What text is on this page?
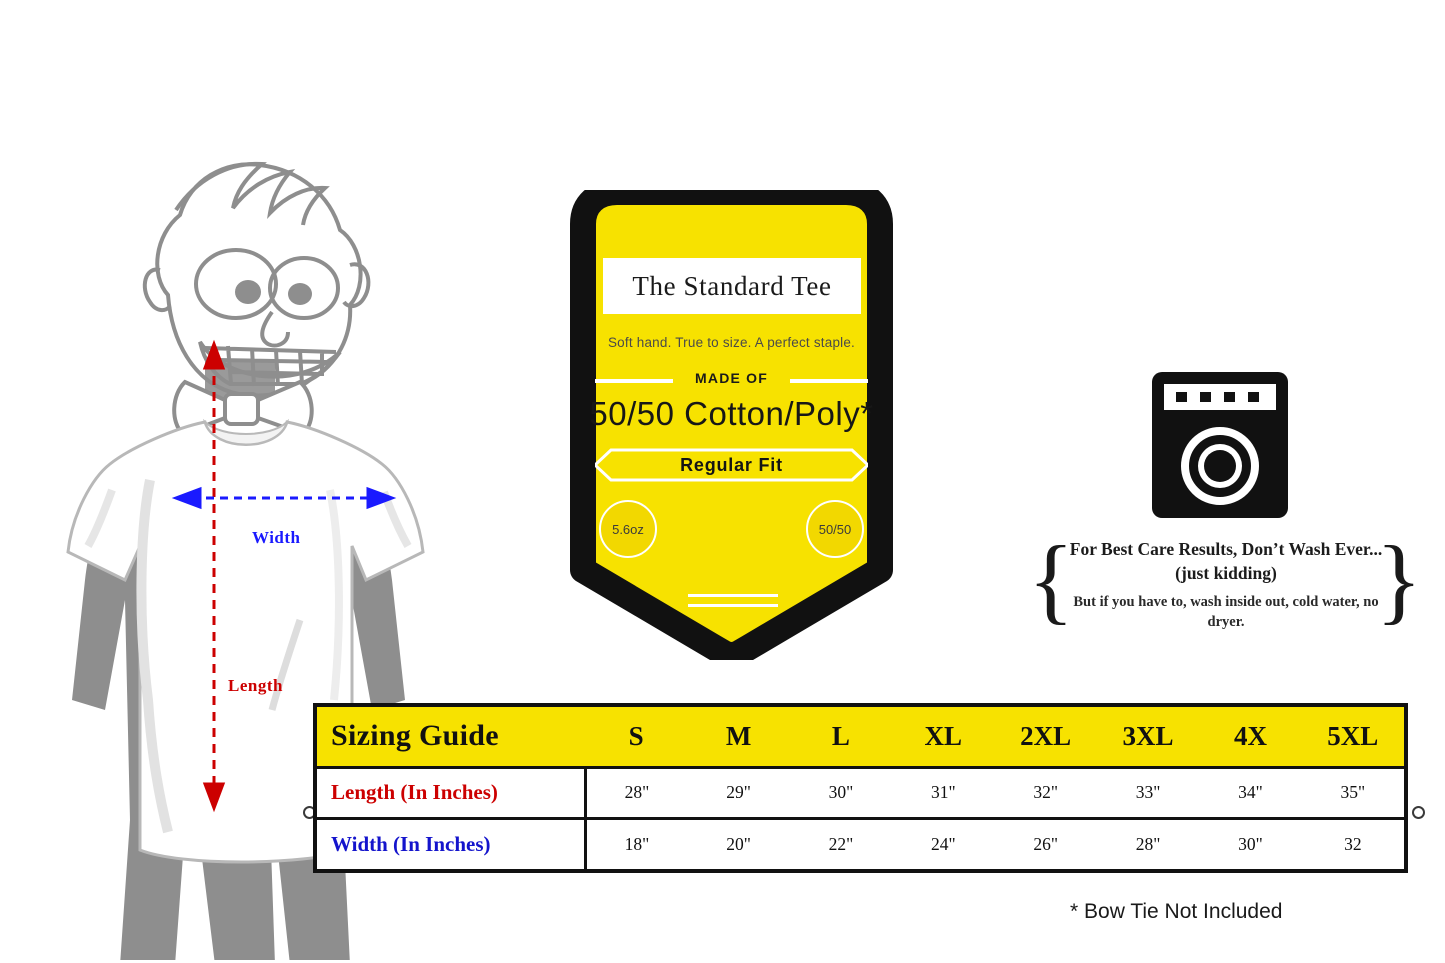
Width
Length
The Standard Tee
Soft hand. True to size. A perfect staple.
MADE OF
50/50 Cotton/Poly*
Regular Fit
5.6oz	50/50 {	}
For Best Care Results, Don’t Wash Ever... (just kidding)
But if you have to, wash inside out, cold water, no dryer.
Sizing Guide	S	M	L	XL	2XL	3XL	4X	5XL
Length (In Inches)	28"	29"	30"	31"	32"	33"	34"	35"
Width (In Inches)	18"	20"	22"	24"	26"	28"	30"	32
* Bow Tie Not Included
